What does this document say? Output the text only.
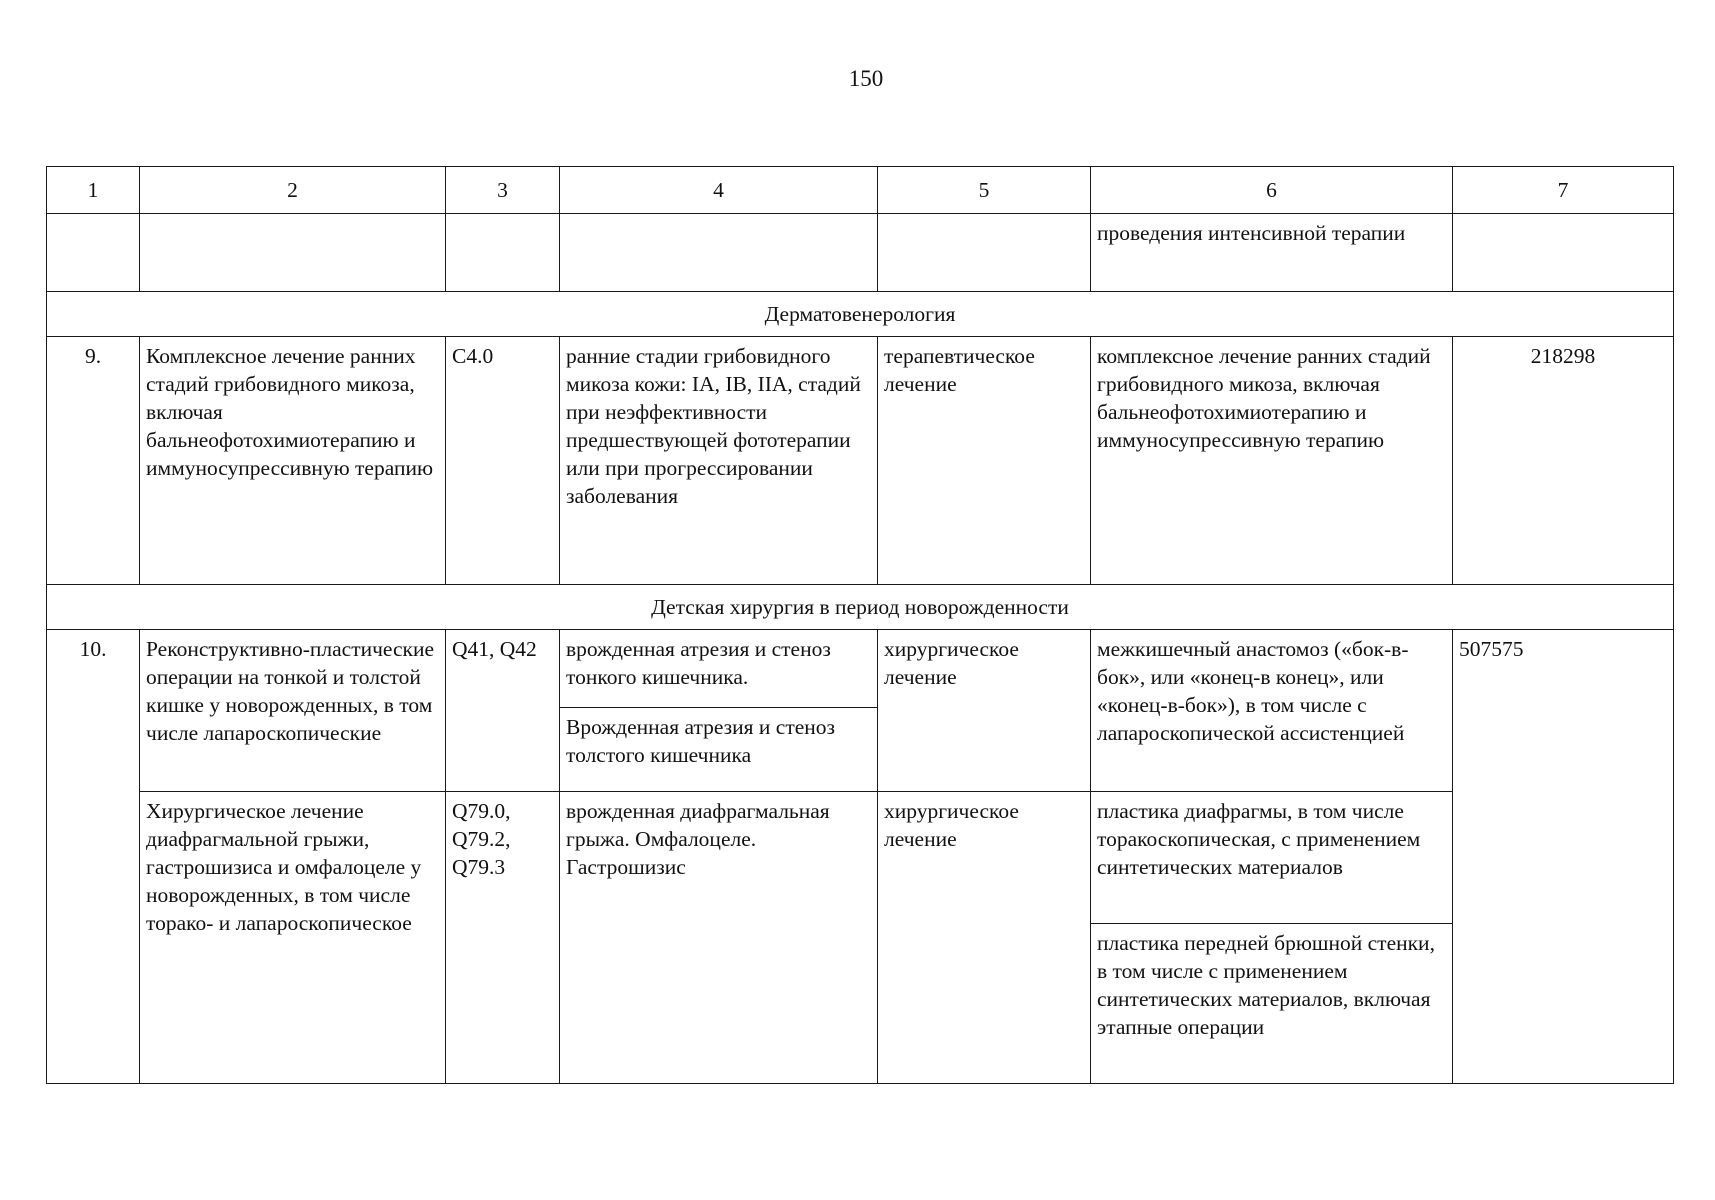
150
1	2	3	4	5	6	7
					проведения интенсивной терапии	
Дерматовенерология						
9.	Комплексное лечение ранних стадий грибовидного микоза, включая бальнеофотохимиотерапию и иммуносупрессивную терапию	C4.0	ранние стадии грибовидного микоза кожи: IA, IB, IIA, стадий при неэффективности предшествующей фототерапии или при прогрессировании заболевания	терапевтическое лечение	комплексное лечение ранних стадий грибовидного микоза, включая бальнеофотохимиотерапию и иммуносупрессивную терапию	218298
Детская хирургия в период новорожденности						
10.	Реконструктивно-пластические операции на тонкой и толстой кишке у новорожденных, в том числе лапароскопические	Q41, Q42	врожденная атрезия и стеноз тонкого кишечника.	хирургическое лечение	межкишечный анастомоз («бок-в-бок», или «конец-в конец», или «конец-в-бок»), в том числе с лапароскопической ассистенцией	507575
			Врожденная атрезия и стеноз толстого кишечника			
	Хирургическое лечение диафрагмальной грыжи, гастрошизиса и омфалоцеле у новорожденных, в том числе торако- и лапароскопическое	Q79.0, Q79.2, Q79.3	врожденная диафрагмальная грыжа. Омфалоцеле. Гастрошизис	хирургическое лечение	пластика диафрагмы, в том числе торакоскопическая, с применением синтетических материалов	
					пластика передней брюшной стенки, в том числе с применением синтетических материалов, включая этапные операции	
